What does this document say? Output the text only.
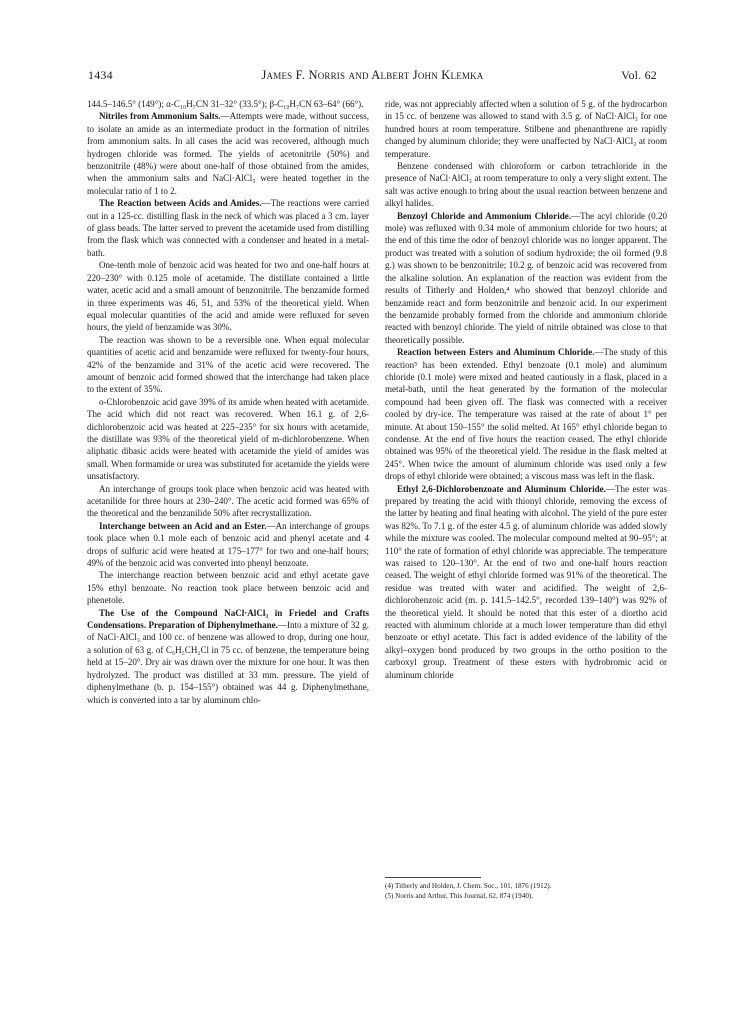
1434	James F. Norris and Albert John Klemka	Vol. 62

144.5–146.5° (149°); α-C₁₀H₇CN 31–32° (33.5°); β-C₁₀H₇CN 63–64° (66°).

Nitriles from Ammonium Salts.—Attempts were made, without success, to isolate an amide as an intermediate product in the formation of nitriles from ammonium salts. In all cases the acid was recovered, although much hydrogen chloride was formed. The yields of acetonitrile (50%) and benzonitrile (48%) were about one-half of those obtained from the amides, when the ammonium salts and NaCl·AlCl₃ were heated together in the molecular ratio of 1 to 2.

The Reaction between Acids and Amides.—The reactions were carried out in a 125-cc. distilling flask in the neck of which was placed a 3 cm. layer of glass beads. The latter served to prevent the acetamide used from distilling from the flask which was connected with a condenser and heated in a metal-bath.

One-tenth mole of benzoic acid was heated for two and one-half hours at 220–230° with 0.125 mole of acetamide. The distillate contained a little water, acetic acid and a small amount of benzonitrile. The benzamide formed in three experiments was 46, 51, and 53% of the theoretical yield. When equal molecular quantities of the acid and amide were refluxed for seven hours, the yield of benzamide was 30%.

The reaction was shown to be a reversible one. When equal molecular quantities of acetic acid and benzamide were refluxed for twenty-four hours, 42% of the benzamide and 31% of the acetic acid were recovered. The amount of benzoic acid formed showed that the interchange had taken place to the extent of 35%.

o-Chlorobenzoic acid gave 39% of its amide when heated with acetamide. The acid which did not react was recovered. When 16.1 g. of 2,6-dichlorobenzoic acid was heated at 225–235° for six hours with acetamide, the distillate was 93% of the theoretical yield of m-dichlorobenzene. When aliphatic dibasic acids were heated with acetamide the yield of amides was small. When formamide or urea was substituted for acetamide the yields were unsatisfactory.

An interchange of groups took place when benzoic acid was heated with acetanilide for three hours at 230–240°. The acetic acid formed was 65% of the theoretical and the benzanilide 50% after recrystallization.

Interchange between an Acid and an Ester.—An interchange of groups took place when 0.1 mole each of benzoic acid and phenyl acetate and 4 drops of sulfuric acid were heated at 175–177° for two and one-half hours; 49% of the benzoic acid was converted into phenyl benzoate.

The interchange reaction between benzoic acid and ethyl acetate gave 15% ethyl benzoate. No reaction took place between benzoic acid and phenetole.

The Use of the Compound NaCl·AlCl₃ in Friedel and Crafts Condensations. Preparation of Diphenylmethane.—Into a mixture of 32 g. of NaCl·AlCl₃ and 100 cc. of benzene was allowed to drop, during one hour, a solution of 63 g. of C₆H₅CH₂Cl in 75 cc. of benzene, the temperature being held at 15–20°. Dry air was drawn over the mixture for one hour. It was then hydrolyzed. The product was distilled at 33 mm. pressure. The yield of diphenylmethane (b. p. 154–155°) obtained was 44 g. Diphenylmethane, which is converted into a tar by aluminum chlo-

ride, was not appreciably affected when a solution of 5 g. of the hydrocarbon in 15 cc. of benzene was allowed to stand with 3.5 g. of NaCl·AlCl₃ for one hundred hours at room temperature. Stilbene and phenanthrene are rapidly changed by aluminum chloride; they were unaffected by NaCl·AlCl₃ at room temperature.

Benzene condensed with chloroform or carbon tetrachloride in the presence of NaCl·AlCl₃ at room temperature to only a very slight extent. The salt was active enough to bring about the usual reaction between benzene and alkyl halides.

Benzoyl Chloride and Ammonium Chloride.—The acyl chloride (0.20 mole) was refluxed with 0.34 mole of ammonium chloride for two hours; at the end of this time the odor of benzoyl chloride was no longer apparent. The product was treated with a solution of sodium hydroxide; the oil formed (9.8 g.) was shown to be benzonitrile; 10.2 g. of benzoic acid was recovered from the alkaline solution. An explanation of the reaction was evident from the results of Titherly and Holden,⁴ who showed that benzoyl chloride and benzamide react and form benzonitrile and benzoic acid. In our experiment the benzamide probably formed from the chloride and ammonium chloride reacted with benzoyl chloride. The yield of nitrile obtained was close to that theoretically possible.

Reaction between Esters and Aluminum Chloride.—The study of this reaction⁵ has been extended. Ethyl benzoate (0.1 mole) and aluminum chloride (0.1 mole) were mixed and heated cautiously in a flask, placed in a metal-bath, until the heat generated by the formation of the molecular compound had been given off. The flask was connected with a receiver cooled by dry-ice. The temperature was raised at the rate of about 1° per minute. At about 150–155° the solid melted. At 165° ethyl chloride began to condense. At the end of five hours the reaction ceased. The ethyl chloride obtained was 95% of the theoretical yield. The residue in the flask melted at 245°. When twice the amount of aluminum chloride was used only a few drops of ethyl chloride were obtained; a viscous mass was left in the flask.

Ethyl 2,6-Dichlorobenzoate and Aluminum Chloride.—The ester was prepared by treating the acid with thionyl chloride, removing the excess of the latter by heating and final heating with alcohol. The yield of the pure ester was 82%. To 7.1 g. of the ester 4.5 g. of aluminum chloride was added slowly while the mixture was cooled. The molecular compound melted at 90–95°; at 110° the rate of formation of ethyl chloride was appreciable. The temperature was raised to 120–130°. At the end of two and one-half hours reaction ceased. The weight of ethyl chloride formed was 91% of the theoretical. The residue was treated with water and acidified. The weight of 2,6-dichlorobenzoic acid (m. p. 141.5–142.5°, recorded 139–140°) was 92% of the theoretical yield. It should be noted that this ester of a diortho acid reacted with aluminum chloride at a much lower temperature than did ethyl benzoate or ethyl acetate. This fact is added evidence of the lability of the alkyl–oxygen bond produced by two groups in the ortho position to the carboxyl group. Treatment of these esters with hydrobromic acid or aluminum chloride

(4) Titherly and Holden, J. Chem. Soc., 101, 1876 (1912).
(5) Norris and Arthur, This Journal, 62, 874 (1940).
